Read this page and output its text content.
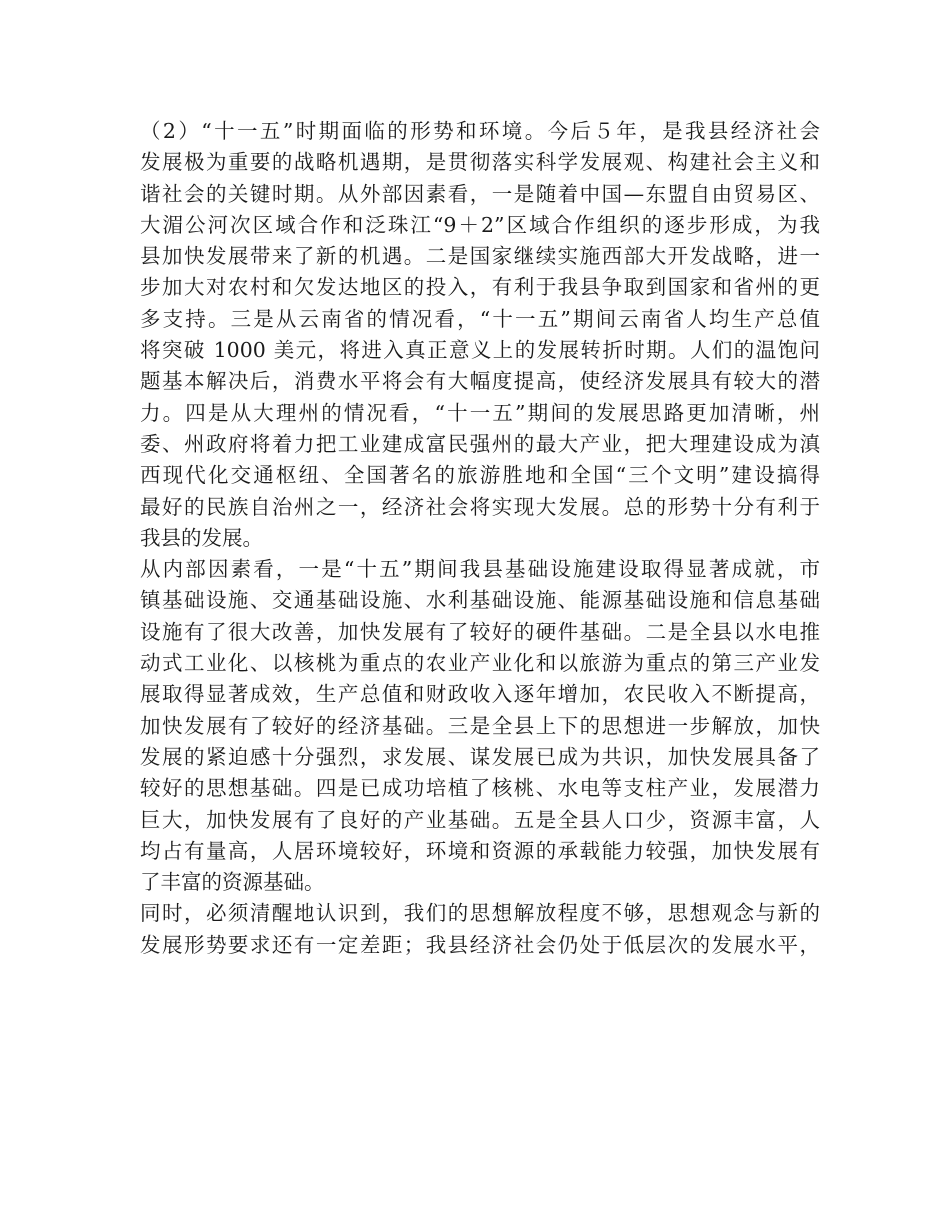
（2）“十一五”时期面临的形势和环境。今后５年，是我县经济社会
发展极为重要的战略机遇期，是贯彻落实科学发展观、构建社会主义和
谐社会的关键时期。从外部因素看，一是随着中国—东盟自由贸易区、
大湄公河次区域合作和泛珠江“9＋2”区域合作组织的逐步形成，为我
县加快发展带来了新的机遇。二是国家继续实施西部大开发战略，进一
步加大对农村和欠发达地区的投入，有利于我县争取到国家和省州的更
多支持。三是从云南省的情况看，“十一五”期间云南省人均生产总值
将突破 1000 美元，将进入真正意义上的发展转折时期。人们的温饱问
题基本解决后，消费水平将会有大幅度提高，使经济发展具有较大的潜
力。四是从大理州的情况看，“十一五”期间的发展思路更加清晰，州
委、州政府将着力把工业建成富民强州的最大产业，把大理建设成为滇
西现代化交通枢纽、全国著名的旅游胜地和全国“三个文明”建设搞得
最好的民族自治州之一，经济社会将实现大发展。总的形势十分有利于
我县的发展。
从内部因素看，一是“十五”期间我县基础设施建设取得显著成就，市
镇基础设施、交通基础设施、水利基础设施、能源基础设施和信息基础
设施有了很大改善，加快发展有了较好的硬件基础。二是全县以水电推
动式工业化、以核桃为重点的农业产业化和以旅游为重点的第三产业发
展取得显著成效，生产总值和财政收入逐年增加，农民收入不断提高，
加快发展有了较好的经济基础。三是全县上下的思想进一步解放，加快
发展的紧迫感十分强烈，求发展、谋发展已成为共识，加快发展具备了
较好的思想基础。四是已成功培植了核桃、水电等支柱产业，发展潜力
巨大，加快发展有了良好的产业基础。五是全县人口少，资源丰富，人
均占有量高，人居环境较好，环境和资源的承载能力较强，加快发展有
了丰富的资源基础。
同时，必须清醒地认识到，我们的思想解放程度不够，思想观念与新的
发展形势要求还有一定差距；我县经济社会仍处于低层次的发展水平，
